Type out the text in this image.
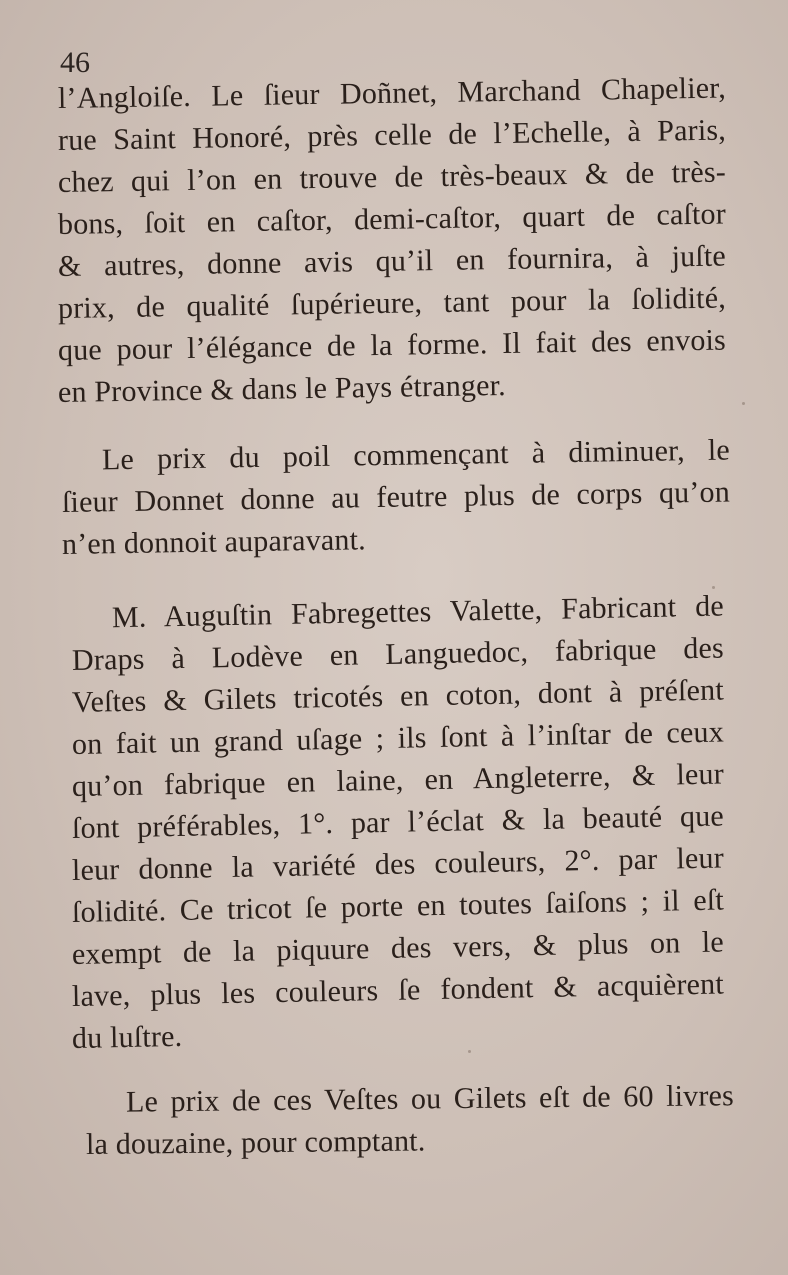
46
l’Angloiſe. Le ſieur Doñnet, Marchand Chapelier,
rue Saint Honoré, près celle de l’Echelle, à Paris,
chez qui l’on en trouve de très-beaux & de très-
bons, ſoit en caſtor, demi-caſtor, quart de caſtor
& autres, donne avis qu’il en fournira, à juſte
prix, de qualité ſupérieure, tant pour la ſolidité,
que pour l’élégance de la forme. Il fait des envois
en Province & dans le Pays étranger.
Le prix du poil commençant à diminuer, le
ſieur Donnet donne au feutre plus de corps qu’on
n’en donnoit auparavant.
M. Auguſtin Fabregettes Valette, Fabricant de
Draps à Lodève en Languedoc, fabrique des
Veſtes & Gilets tricotés en coton, dont à préſent
on fait un grand uſage ; ils ſont à l’inſtar de ceux
qu’on fabrique en laine, en Angleterre, & leur
ſont préférables, 1°. par l’éclat & la beauté que
leur donne la variété des couleurs, 2°. par leur
ſolidité. Ce tricot ſe porte en toutes ſaiſons ; il eſt
exempt de la piquure des vers, & plus on le
lave, plus les couleurs ſe fondent & acquièrent
du luſtre.
Le prix de ces Veſtes ou Gilets eſt de 60 livres
la douzaine, pour comptant.
